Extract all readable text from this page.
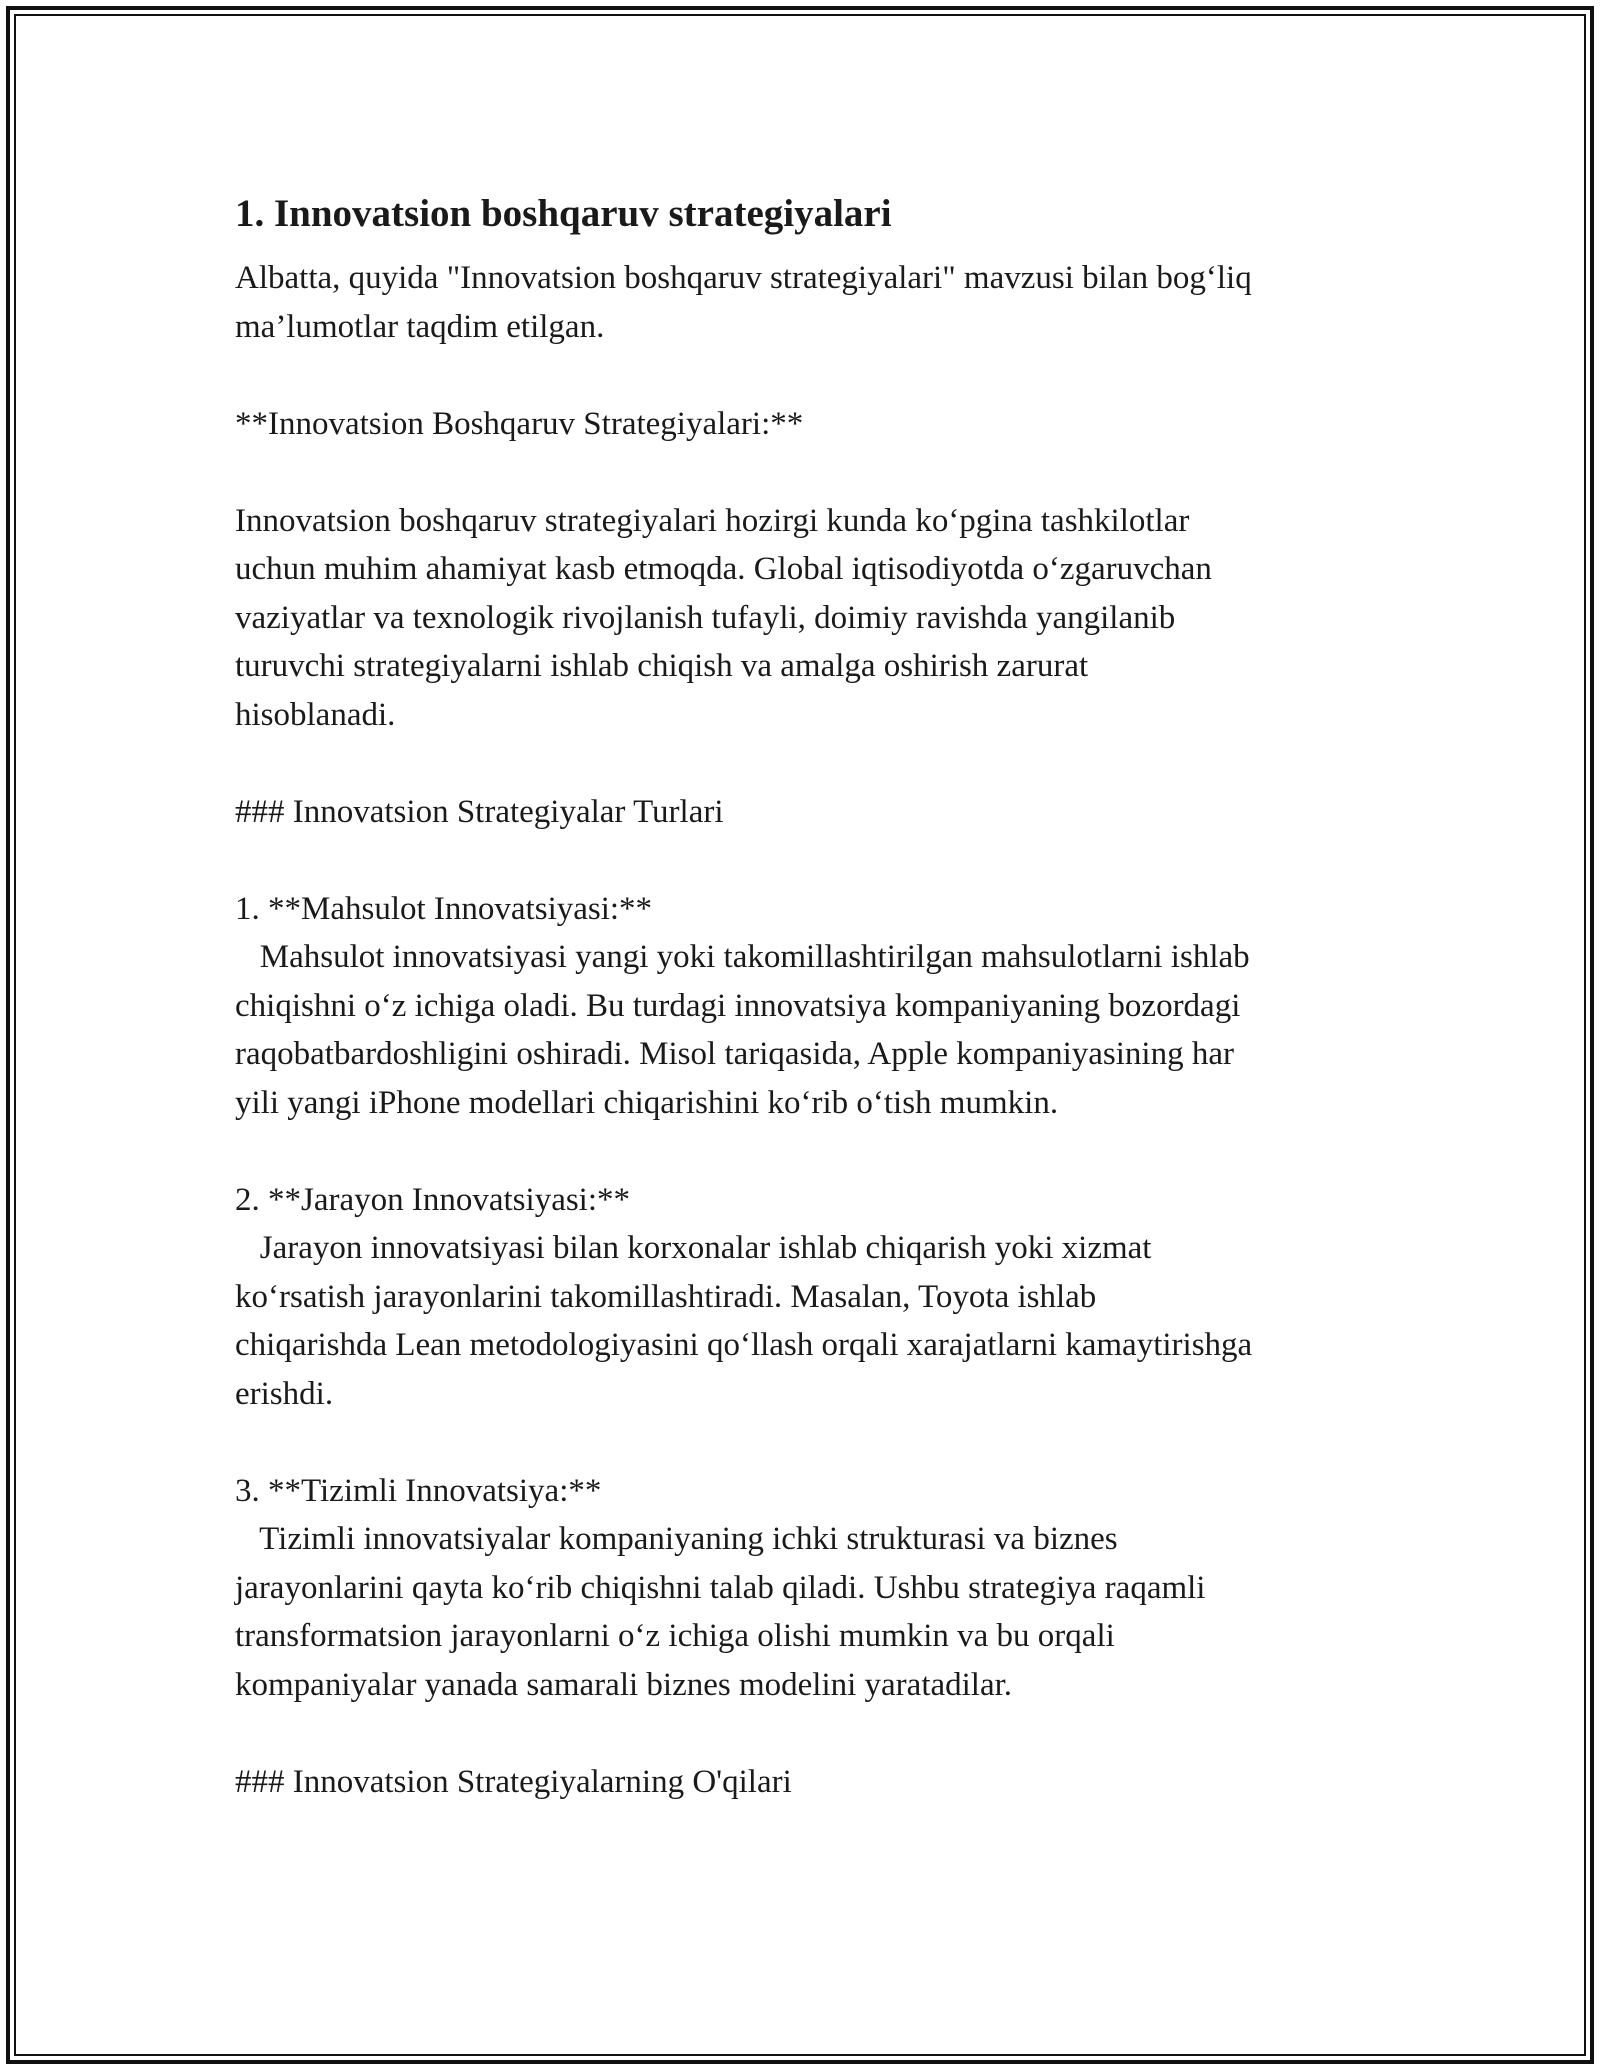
1. Innovatsion boshqaruv strategiyalari

Albatta, quyida "Innovatsion boshqaruv strategiyalari" mavzusi bilan bog‘liq

ma’lumotlar taqdim etilgan.

**Innovatsion Boshqaruv Strategiyalari:**

Innovatsion boshqaruv strategiyalari hozirgi kunda ko‘pgina tashkilotlar

uchun muhim ahamiyat kasb etmoqda. Global iqtisodiyotda o‘zgaruvchan

vaziyatlar va texnologik rivojlanish tufayli, doimiy ravishda yangilanib

turuvchi strategiyalarni ishlab chiqish va amalga oshirish zarurat

hisoblanadi.

### Innovatsion Strategiyalar Turlari

1. **Mahsulot Innovatsiyasi:**

Mahsulot innovatsiyasi yangi yoki takomillashtirilgan mahsulotlarni ishlab

chiqishni o‘z ichiga oladi. Bu turdagi innovatsiya kompaniyaning bozordagi

raqobatbardoshligini oshiradi. Misol tariqasida, Apple kompaniyasining har

yili yangi iPhone modellari chiqarishini ko‘rib o‘tish mumkin.

2. **Jarayon Innovatsiyasi:**

Jarayon innovatsiyasi bilan korxonalar ishlab chiqarish yoki xizmat

ko‘rsatish jarayonlarini takomillashtiradi. Masalan, Toyota ishlab

chiqarishda Lean metodologiyasini qo‘llash orqali xarajatlarni kamaytirishga

erishdi.

3. **Tizimli Innovatsiya:**

Tizimli innovatsiyalar kompaniyaning ichki strukturasi va biznes

jarayonlarini qayta ko‘rib chiqishni talab qiladi. Ushbu strategiya raqamli

transformatsion jarayonlarni o‘z ichiga olishi mumkin va bu orqali

kompaniyalar yanada samarali biznes modelini yaratadilar.

### Innovatsion Strategiyalarning O'qilari
